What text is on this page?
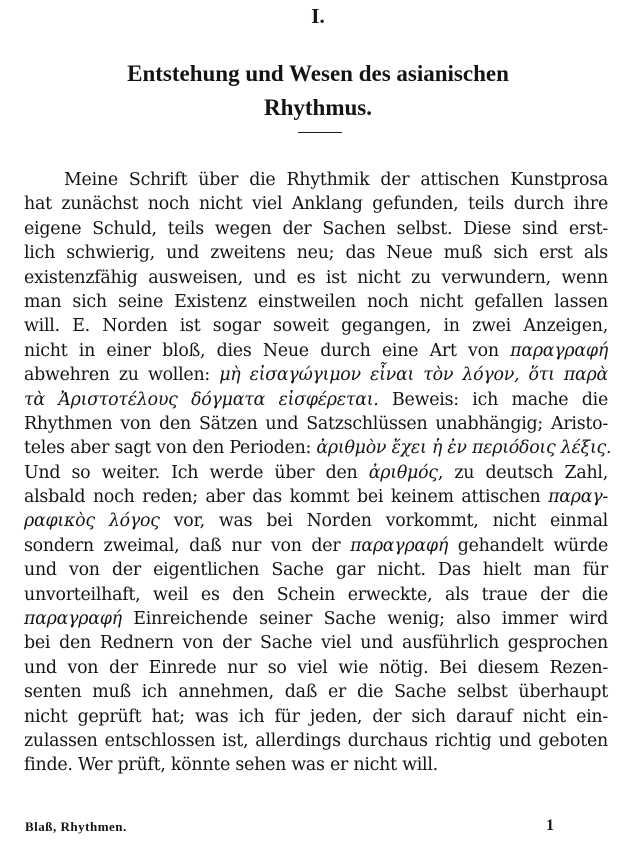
I.
Entstehung und Wesen des asianischen
Rhythmus.
Meine Schrift über die Rhythmik der attischen Kunstprosa
hat zunächst noch nicht viel Anklang gefunden, teils durch ihre
eigene Schuld, teils wegen der Sachen selbst. Diese sind erst-
lich schwierig, und zweitens neu; das Neue muß sich erst als
existenzfähig ausweisen, und es ist nicht zu verwundern, wenn
man sich seine Existenz einstweilen noch nicht gefallen lassen
will. E. Norden ist sogar soweit gegangen, in zwei Anzeigen,
nicht in einer bloß, dies Neue durch eine Art von παραγραφή
abwehren zu wollen: μὴ εἰσαγώγιμον εἶναι τὸν λόγον, ὅτι παρὰ
τὰ Ἀριστοτέλους δόγματα εἰσφέρεται. Beweis: ich mache die
Rhythmen von den Sätzen und Satzschlüssen unabhängig; Aristo-
teles aber sagt von den Perioden: ἀριθμὸν ἔχει ἡ ἐν περιόδοις λέξις.
Und so weiter. Ich werde über den ἀριθμός, zu deutsch Zahl,
alsbald noch reden; aber das kommt bei keinem attischen παραγ-
ραφικὸς λόγος vor, was bei Norden vorkommt, nicht einmal
sondern zweimal, daß nur von der παραγραφή gehandelt würde
und von der eigentlichen Sache gar nicht. Das hielt man für
unvorteilhaft, weil es den Schein erweckte, als traue der die
παραγραφή Einreichende seiner Sache wenig; also immer wird
bei den Rednern von der Sache viel und ausführlich gesprochen
und von der Einrede nur so viel wie nötig. Bei diesem Rezen-
senten muß ich annehmen, daß er die Sache selbst überhaupt
nicht geprüft hat; was ich für jeden, der sich darauf nicht ein-
zulassen entschlossen ist, allerdings durchaus richtig und geboten
finde. Wer prüft, könnte sehen was er nicht will.
Blaß, Rhythmen.	1
